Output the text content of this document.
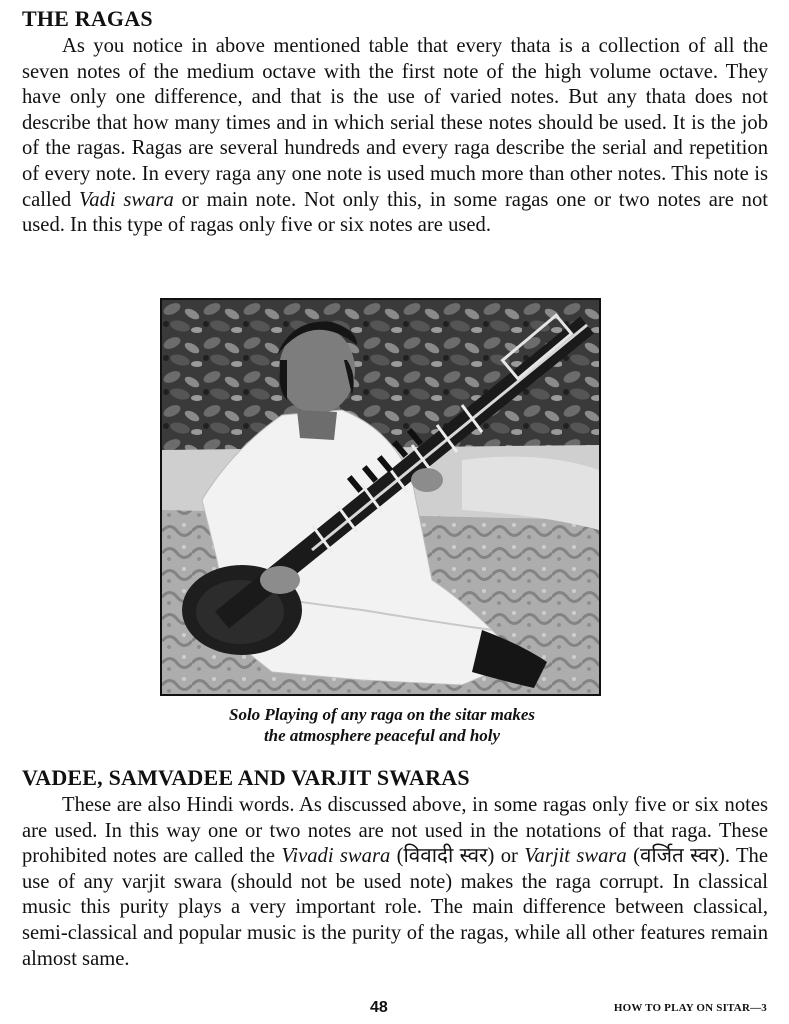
THE RAGAS

As you notice in above mentioned table that every thata is a collection of all the seven notes of the medium octave with the first note of the high volume octave. They have only one difference, and that is the use of varied notes. But any thata does not describe that how many times and in which serial these notes should be used. It is the job of the ragas. Ragas are several hundreds and every raga describe the serial and repetition of every note. In every raga any one note is used much more than other notes. This note is called Vadi swara or main note. Not only this, in some ragas one or two notes are not used. In this type of ragas only five or six notes are used.

Solo Playing of any raga on the sitar makes
the atmosphere peaceful and holy
VADEE, SAMVADEE AND VARJIT SWARAS

These are also Hindi words. As discussed above, in some ragas only five or six notes are used. In this way one or two notes are not used in the notations of that raga. These prohibited notes are called the Vivadi swara (विवादी स्वर) or Varjit swara (वर्जित स्वर). The use of any varjit swara (should not be used note) makes the raga corrupt. In classical music this purity plays a very important role. The main difference between classical, semi-classical and popular music is the purity of the ragas, while all other features remain almost same.

48	HOW TO PLAY ON SITAR—3
